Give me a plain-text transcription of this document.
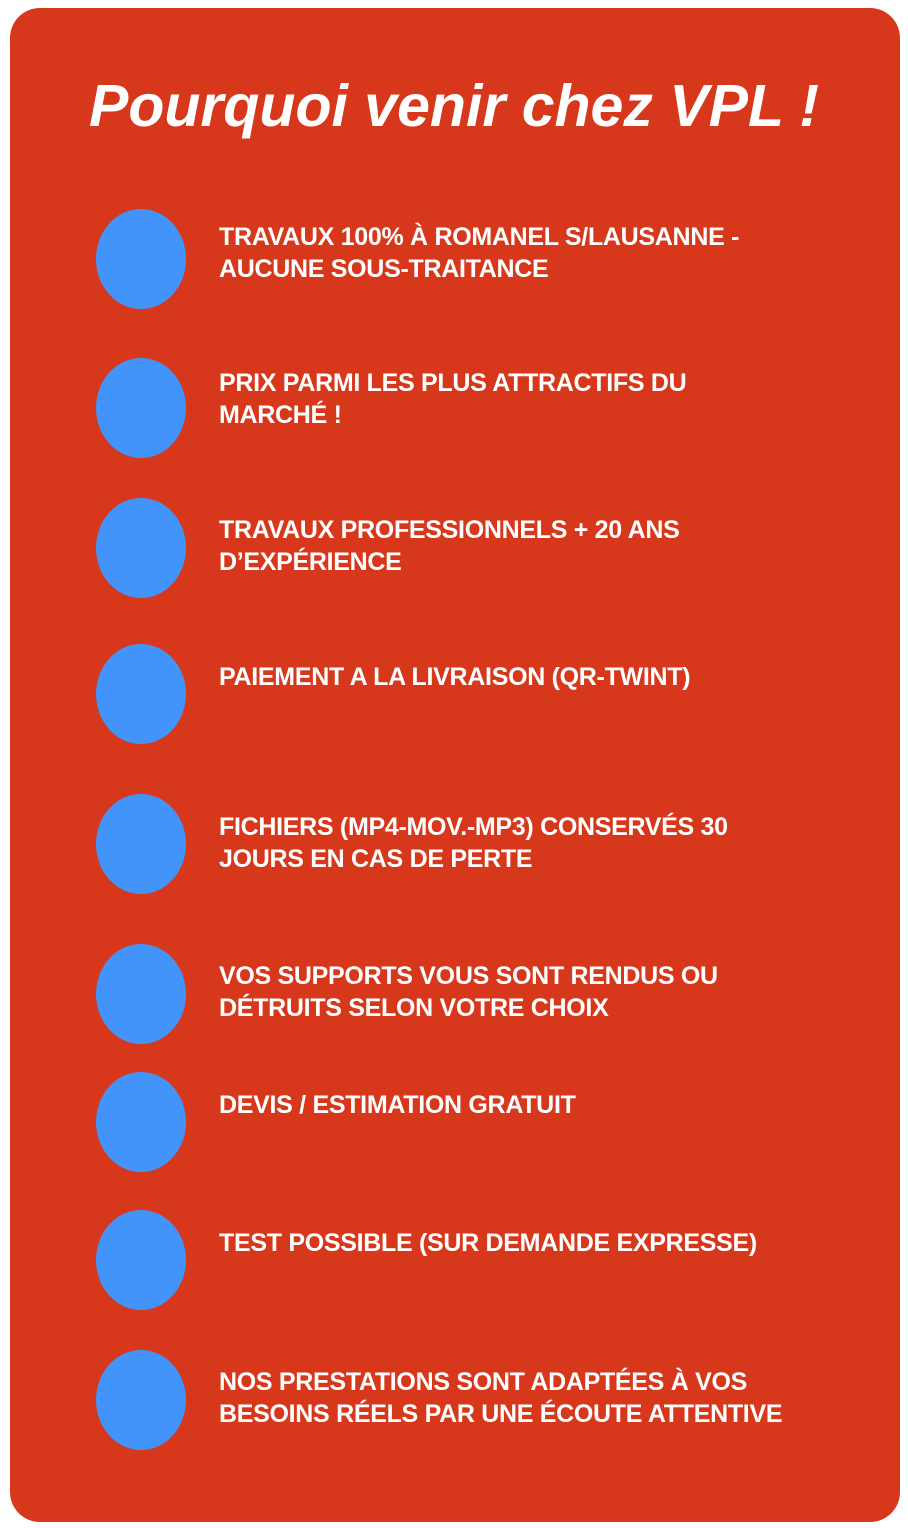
Pourquoi venir chez VPL !
TRAVAUX 100% À ROMANEL S/LAUSANNE -
AUCUNE SOUS-TRAITANCE
PRIX PARMI LES PLUS ATTRACTIFS DU
MARCHÉ !
TRAVAUX PROFESSIONNELS + 20 ANS
D’EXPÉRIENCE
PAIEMENT A LA LIVRAISON (QR-TWINT)
FICHIERS (MP4-MOV.-MP3) CONSERVÉS 30
JOURS EN CAS DE PERTE
VOS SUPPORTS VOUS SONT RENDUS OU
DÉTRUITS SELON VOTRE CHOIX
DEVIS / ESTIMATION GRATUIT
TEST POSSIBLE (SUR DEMANDE EXPRESSE)
NOS PRESTATIONS SONT ADAPTÉES À VOS
BESOINS RÉELS PAR UNE ÉCOUTE ATTENTIVE
